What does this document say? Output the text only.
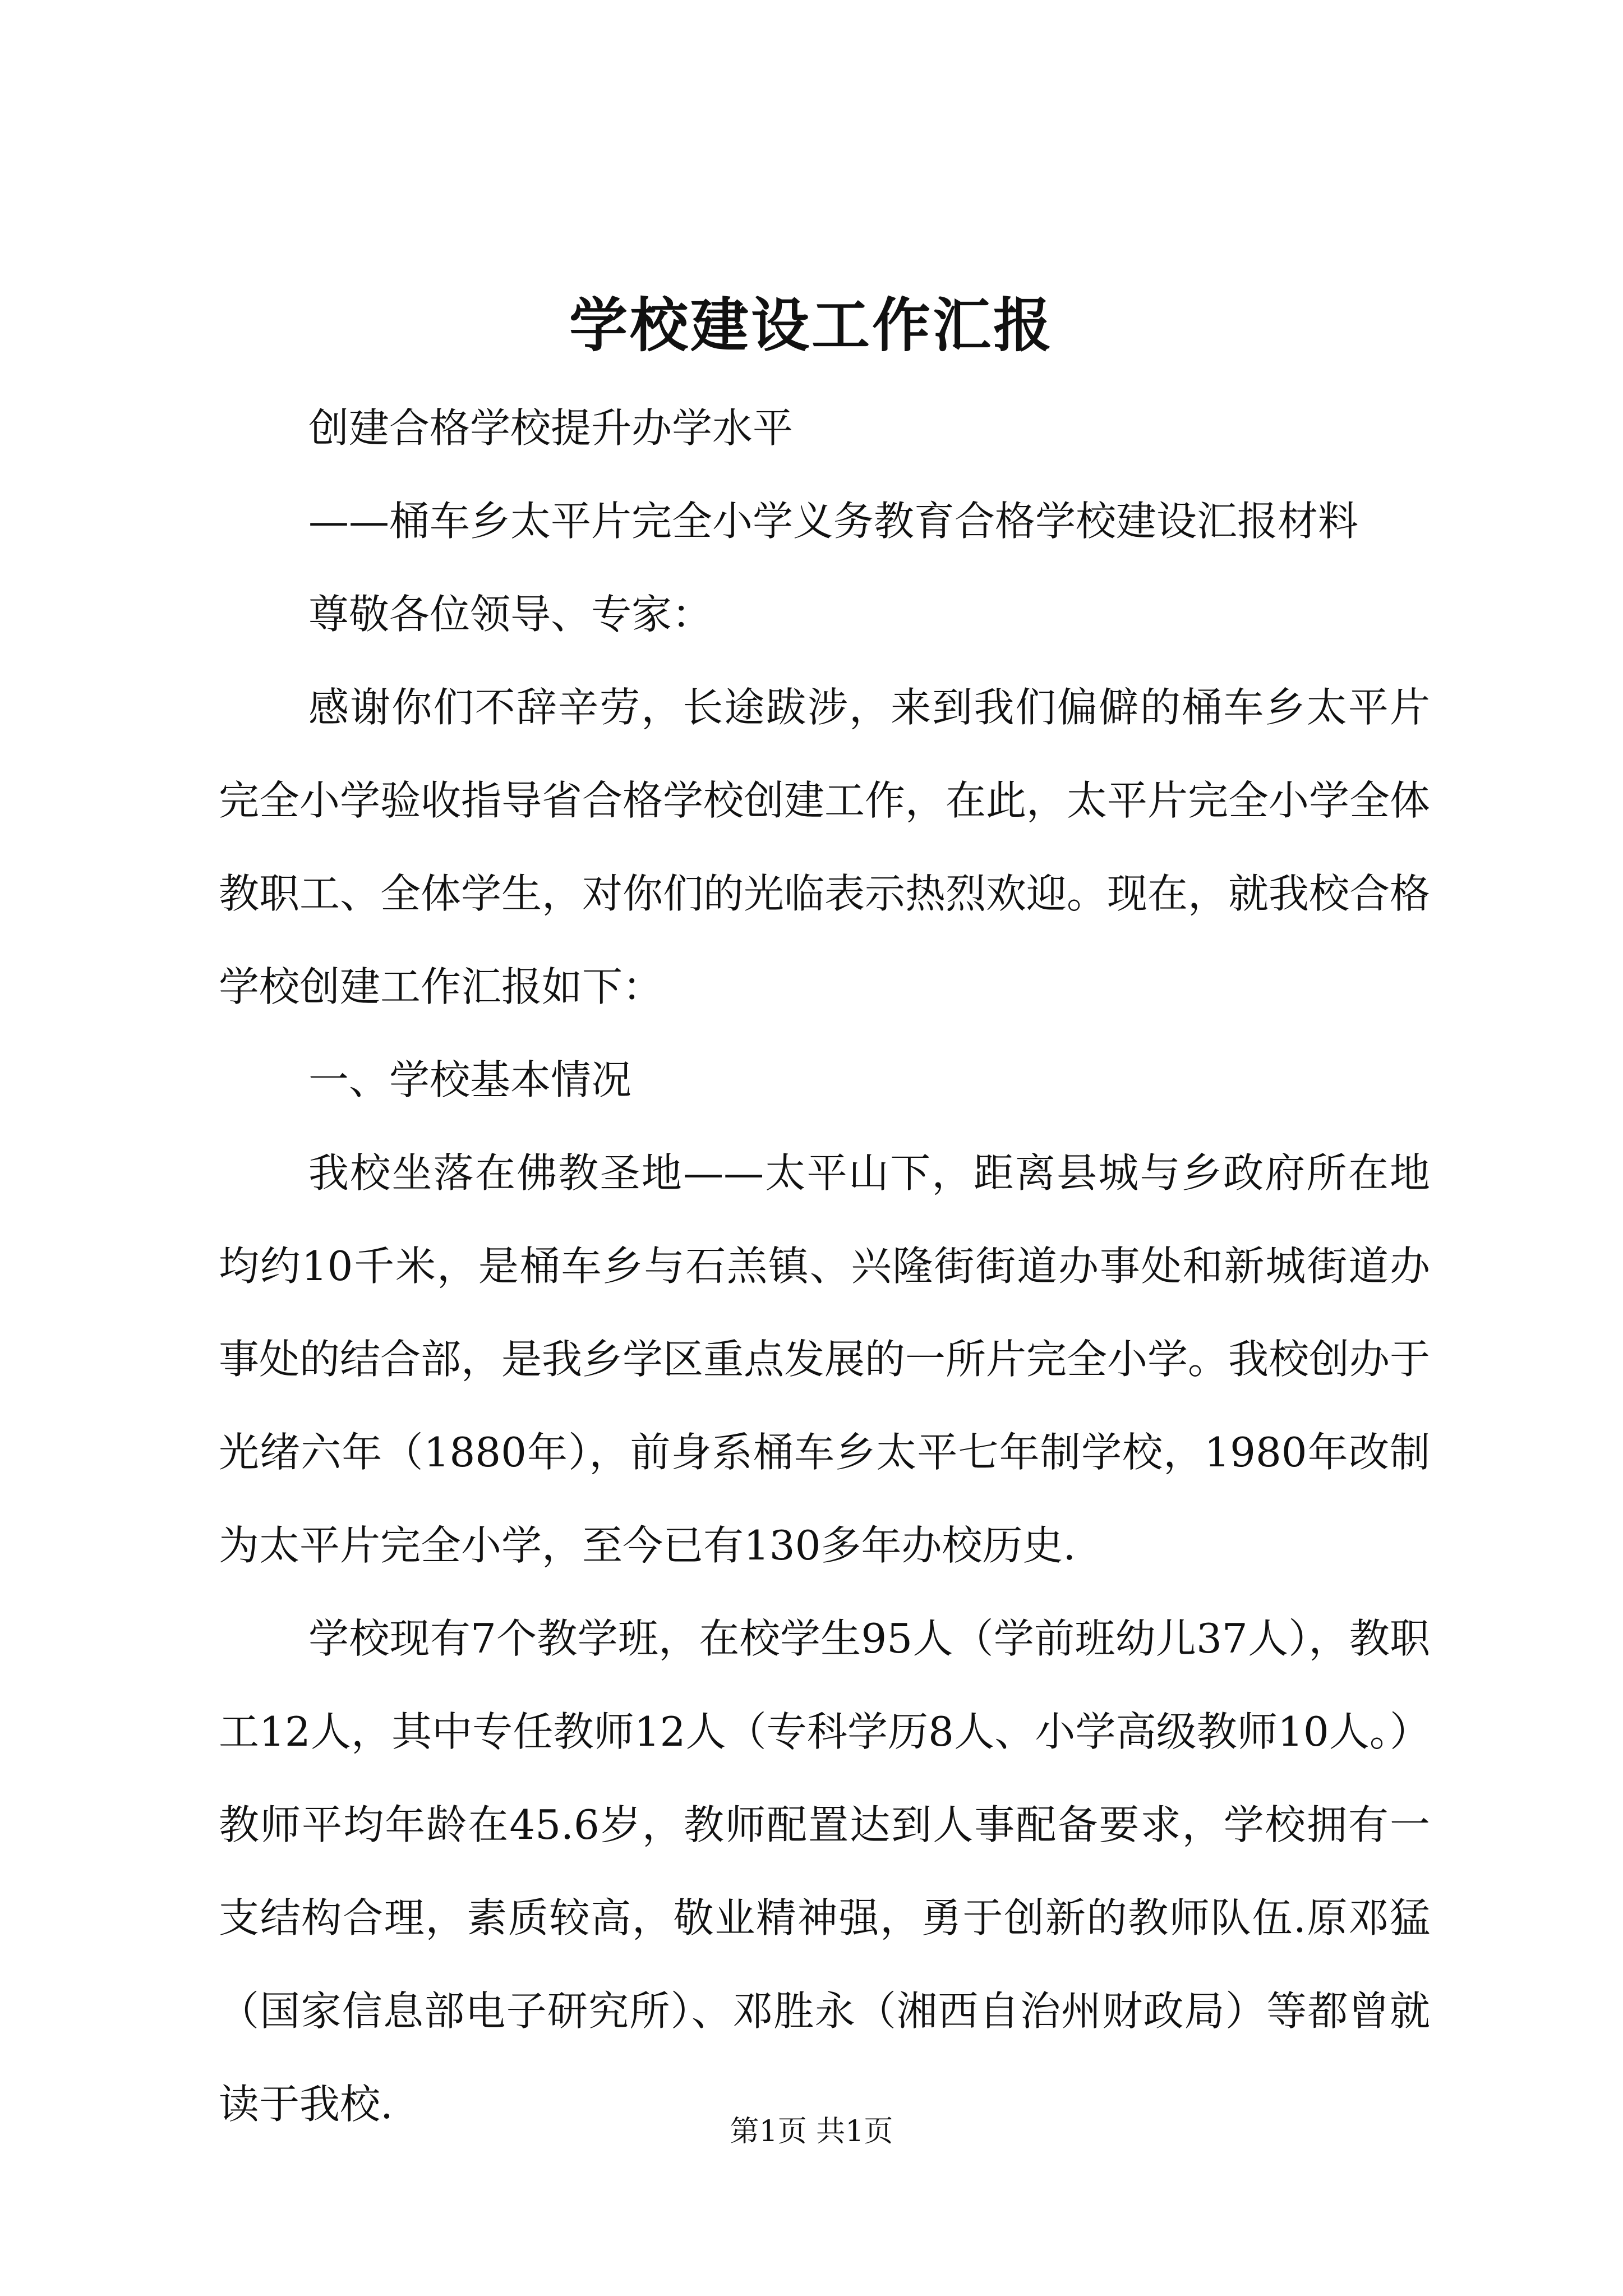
学校建设工作汇报

创建合格学校提升办学水平

——桶车乡太平片完全小学义务教育合格学校建设汇报材料

尊敬各位领导、专家：

感谢你们不辞辛劳，长途跋涉，来到我们偏僻的桶车乡太平片完全小学验收指导省合格学校创建工作，在此，太平片完全小学全体教职工、全体学生，对你们的光临表示热烈欢迎。现在，就我校合格学校创建工作汇报如下：

一、学校基本情况

我校坐落在佛教圣地——太平山下，距离县城与乡政府所在地均约10千米，是桶车乡与石羔镇、兴隆街街道办事处和新城街道办事处的结合部，是我乡学区重点发展的一所片完全小学。我校创办于光绪六年（1880年），前身系桶车乡太平七年制学校，1980年改制为太平片完全小学，至今已有130多年办校历史.

学校现有7个教学班，在校学生95人（学前班幼儿37人），教职工12人，其中专任教师12人（专科学历8人、小学高级教师10人。）教师平均年龄在45.6岁，教师配置达到人事配备要求，学校拥有一支结构合理，素质较高，敬业精神强，勇于创新的教师队伍.原邓猛（国家信息部电子研究所）、邓胜永（湘西自治州财政局）等都曾就读于我校.

第1页 共1页
